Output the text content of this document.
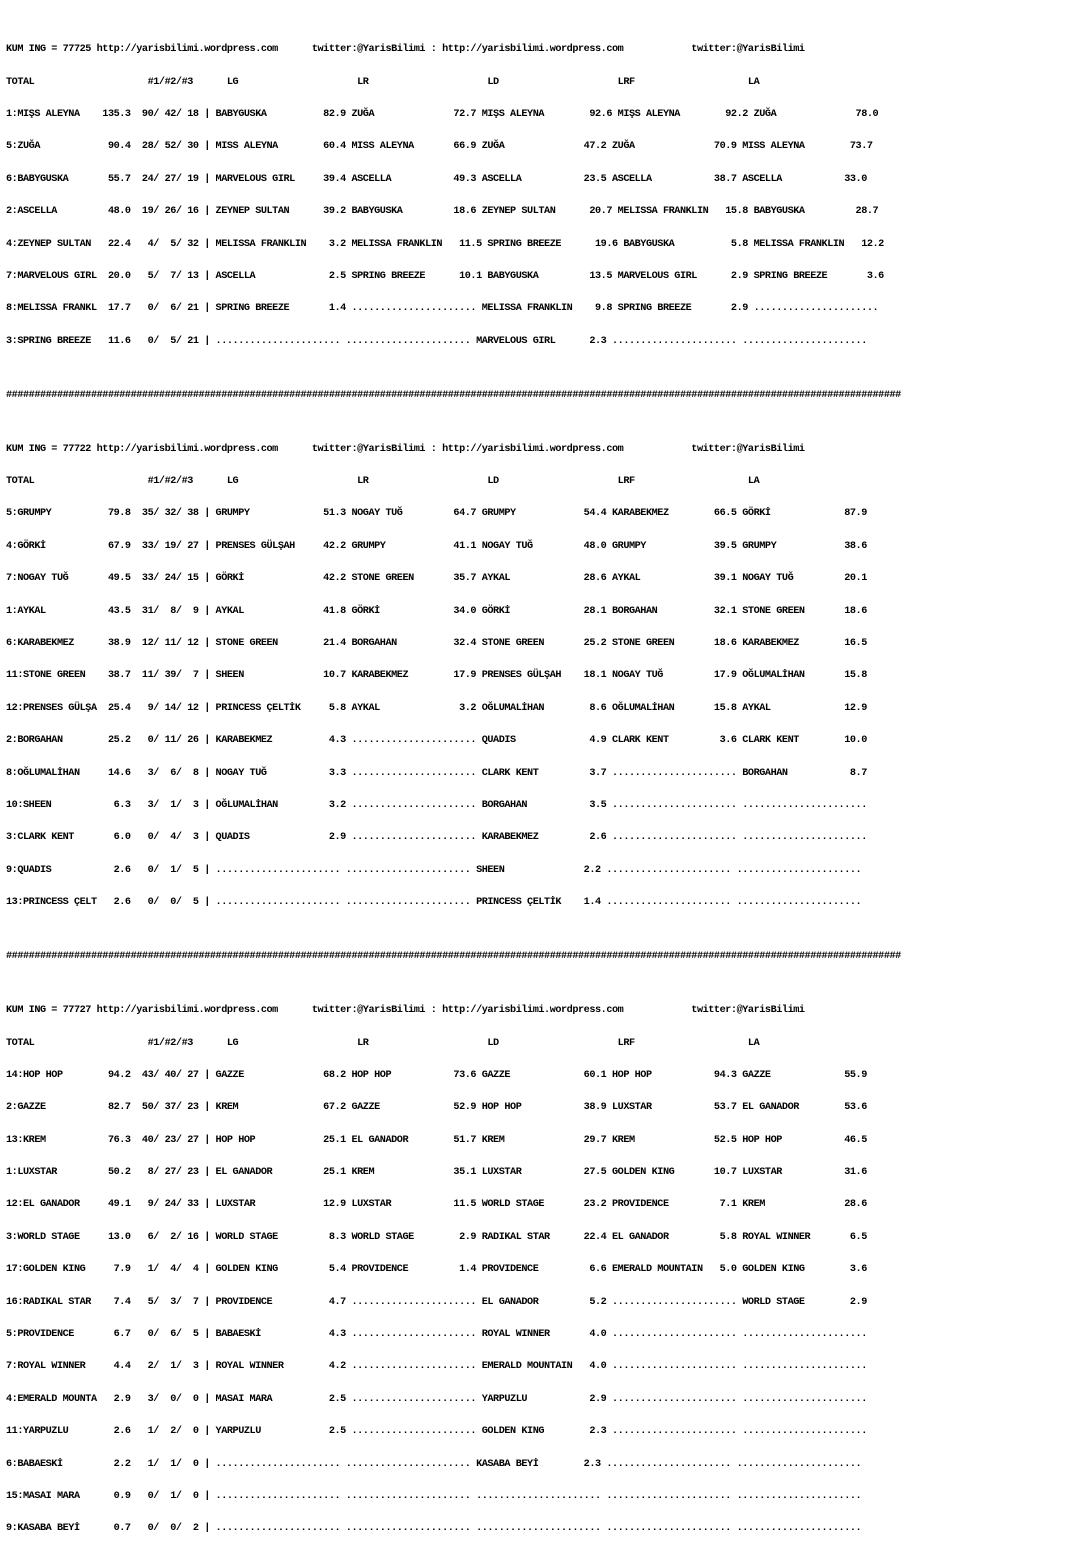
KUM ING = 77725 http://yarisbilimi.wordpress.com      twitter:@YarisBilimi : http://yarisbilimi.wordpress.com            twitter:@YarisBilimi

TOTAL                    #1/#2/#3      LG                     LR                     LD                     LRF                    LA

1:MIŞS ALEYNA    135.3  90/ 42/ 18 | BABYGUSKA          82.9 ZUĞA              72.7 MIŞS ALEYNA        92.6 MIŞS ALEYNA        92.2 ZUĞA              78.0

5:ZUĞA            90.4  28/ 52/ 30 | MISS ALEYNA        60.4 MISS ALEYNA       66.9 ZUĞA              47.2 ZUĞA              70.9 MISS ALEYNA        73.7

6:BABYGUSKA       55.7  24/ 27/ 19 | MARVELOUS GIRL     39.4 ASCELLA           49.3 ASCELLA           23.5 ASCELLA           38.7 ASCELLA           33.0

2:ASCELLA         48.0  19/ 26/ 16 | ZEYNEP SULTAN      39.2 BABYGUSKA         18.6 ZEYNEP SULTAN      20.7 MELISSA FRANKLIN   15.8 BABYGUSKA         28.7

4:ZEYNEP SULTAN   22.4   4/  5/ 32 | MELISSA FRANKLIN    3.2 MELISSA FRANKLIN   11.5 SPRING BREEZE      19.6 BABYGUSKA          5.8 MELISSA FRANKLIN   12.2

7:MARVELOUS GIRL  20.0   5/  7/ 13 | ASCELLA             2.5 SPRING BREEZE      10.1 BABYGUSKA         13.5 MARVELOUS GIRL      2.9 SPRING BREEZE       3.6

8:MELISSA FRANKL  17.7   0/  6/ 21 | SPRING BREEZE       1.4 ...................... MELISSA FRANKLIN    9.8 SPRING BREEZE       2.9 ......................

3:SPRING BREEZE   11.6   0/  5/ 21 | ...................... ...................... MARVELOUS GIRL      2.3 ...................... ......................

##############################################################################################################################################################

KUM ING = 77722 http://yarisbilimi.wordpress.com      twitter:@YarisBilimi : http://yarisbilimi.wordpress.com            twitter:@YarisBilimi

TOTAL                    #1/#2/#3      LG                     LR                     LD                     LRF                    LA

5:GRUMPY          79.8  35/ 32/ 38 | GRUMPY             51.3 NOGAY TUĞ         64.7 GRUMPY            54.4 KARABEKMEZ        66.5 GÖRKİ             87.9

4:GÖRKİ           67.9  33/ 19/ 27 | PRENSES GÜLŞAH     42.2 GRUMPY            41.1 NOGAY TUĞ         48.0 GRUMPY            39.5 GRUMPY            38.6

7:NOGAY TUĞ       49.5  33/ 24/ 15 | GÖRKİ              42.2 STONE GREEN       35.7 AYKAL             28.6 AYKAL             39.1 NOGAY TUĞ         20.1

1:AYKAL           43.5  31/  8/  9 | AYKAL              41.8 GÖRKİ             34.0 GÖRKİ             28.1 BORGAHAN          32.1 STONE GREEN       18.6

6:KARABEKMEZ      38.9  12/ 11/ 12 | STONE GREEN        21.4 BORGAHAN          32.4 STONE GREEN       25.2 STONE GREEN       18.6 KARABEKMEZ        16.5

11:STONE GREEN    38.7  11/ 39/  7 | SHEEN              10.7 KARABEKMEZ        17.9 PRENSES GÜLŞAH    18.1 NOGAY TUĞ         17.9 OĞLUMALİHAN       15.8

12:PRENSES GÜLŞA  25.4   9/ 14/ 12 | PRINCESS ÇELTİK     5.8 AYKAL              3.2 OĞLUMALİHAN        8.6 OĞLUMALİHAN       15.8 AYKAL             12.9

2:BORGAHAN        25.2   0/ 11/ 26 | KARABEKMEZ          4.3 ...................... QUADIS             4.9 CLARK KENT         3.6 CLARK KENT        10.0

8:OĞLUMALİHAN     14.6   3/  6/  8 | NOGAY TUĞ           3.3 ...................... CLARK KENT         3.7 ...................... BORGAHAN           8.7

10:SHEEN           6.3   3/  1/  3 | OĞLUMALİHAN         3.2 ...................... BORGAHAN           3.5 ...................... ......................

3:CLARK KENT       6.0   0/  4/  3 | QUADIS              2.9 ...................... KARABEKMEZ         2.6 ...................... ......................

9:QUADIS           2.6   0/  1/  5 | ...................... ...................... SHEEN              2.2 ...................... ......................

13:PRINCESS ÇELT   2.6   0/  0/  5 | ...................... ...................... PRINCESS ÇELTİK    1.4 ...................... ......................

##############################################################################################################################################################

KUM ING = 77727 http://yarisbilimi.wordpress.com      twitter:@YarisBilimi : http://yarisbilimi.wordpress.com            twitter:@YarisBilimi

TOTAL                    #1/#2/#3      LG                     LR                     LD                     LRF                    LA

14:HOP HOP        94.2  43/ 40/ 27 | GAZZE              68.2 HOP HOP           73.6 GAZZE             60.1 HOP HOP           94.3 GAZZE             55.9

2:GAZZE           82.7  50/ 37/ 23 | KREM               67.2 GAZZE             52.9 HOP HOP           38.9 LUXSTAR           53.7 EL GANADOR        53.6

13:KREM           76.3  40/ 23/ 27 | HOP HOP            25.1 EL GANADOR        51.7 KREM              29.7 KREM              52.5 HOP HOP           46.5

1:LUXSTAR         50.2   8/ 27/ 23 | EL GANADOR         25.1 KREM              35.1 LUXSTAR           27.5 GOLDEN KING       10.7 LUXSTAR           31.6

12:EL GANADOR     49.1   9/ 24/ 33 | LUXSTAR            12.9 LUXSTAR           11.5 WORLD STAGE       23.2 PROVIDENCE         7.1 KREM              28.6

3:WORLD STAGE     13.0   6/  2/ 16 | WORLD STAGE         8.3 WORLD STAGE        2.9 RADIKAL STAR      22.4 EL GANADOR         5.8 ROYAL WINNER       6.5

17:GOLDEN KING     7.9   1/  4/  4 | GOLDEN KING         5.4 PROVIDENCE         1.4 PROVIDENCE         6.6 EMERALD MOUNTAIN   5.0 GOLDEN KING        3.6

16:RADIKAL STAR    7.4   5/  3/  7 | PROVIDENCE          4.7 ...................... EL GANADOR         5.2 ...................... WORLD STAGE        2.9

5:PROVIDENCE       6.7   0/  6/  5 | BABAESKİ            4.3 ...................... ROYAL WINNER       4.0 ...................... ......................

7:ROYAL WINNER     4.4   2/  1/  3 | ROYAL WINNER        4.2 ...................... EMERALD MOUNTAIN   4.0 ...................... ......................

4:EMERALD MOUNTA   2.9   3/  0/  0 | MASAI MARA          2.5 ...................... YARPUZLU           2.9 ...................... ......................

11:YARPUZLU        2.6   1/  2/  0 | YARPUZLU            2.5 ...................... GOLDEN KING        2.3 ...................... ......................

6:BABAESKİ         2.2   1/  1/  0 | ...................... ...................... KASABA BEYİ        2.3 ...................... ......................

15:MASAI MARA      0.9   0/  1/  0 | ...................... ...................... ...................... ...................... ......................

9:KASABA BEYİ      0.7   0/  0/  2 | ...................... ...................... ...................... ...................... ......................
